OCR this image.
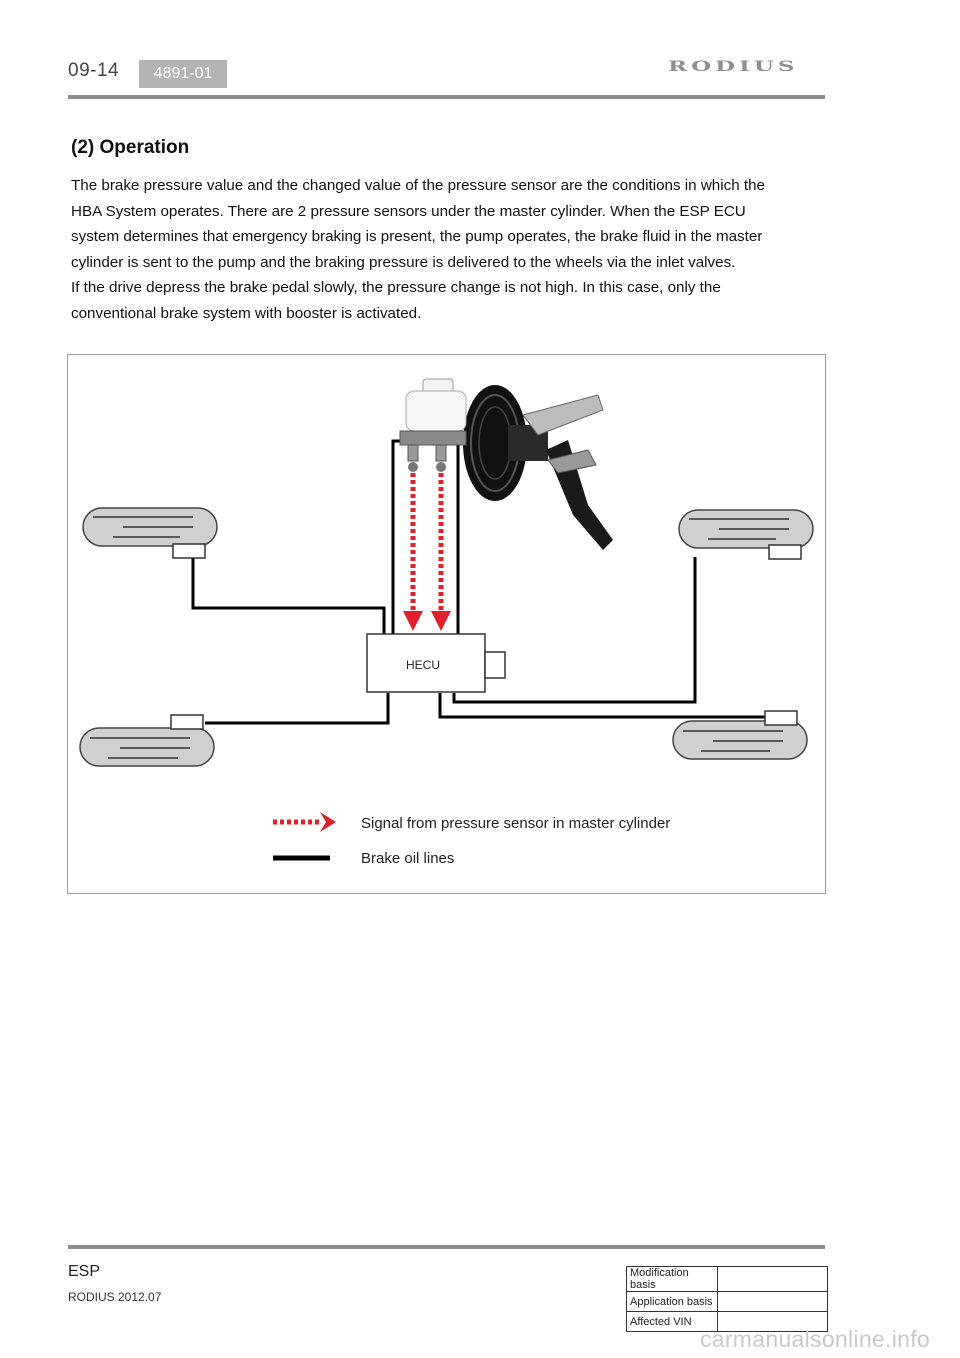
09-14	4891-01	RODIUS
(2) Operation

The brake pressure value and the changed value of the pressure sensor are the conditions in which the HBA System operates. There are 2 pressure sensors under the master cylinder. When the ESP ECU system determines that emergency braking is present, the pump operates, the brake fluid in the master cylinder is sent to the pump and the braking pressure is delivered to the wheels via the inlet valves.

If the drive depress the brake pedal slowly, the pressure change is not high. In this case, only the conventional brake system with booster is activated.

HECU
Signal from pressure sensor in master cylinder
Brake oil lines
ESP
RODIUS 2012.07
Modification basis	
Application basis	
Affected VIN	
carmanualsonline.info
